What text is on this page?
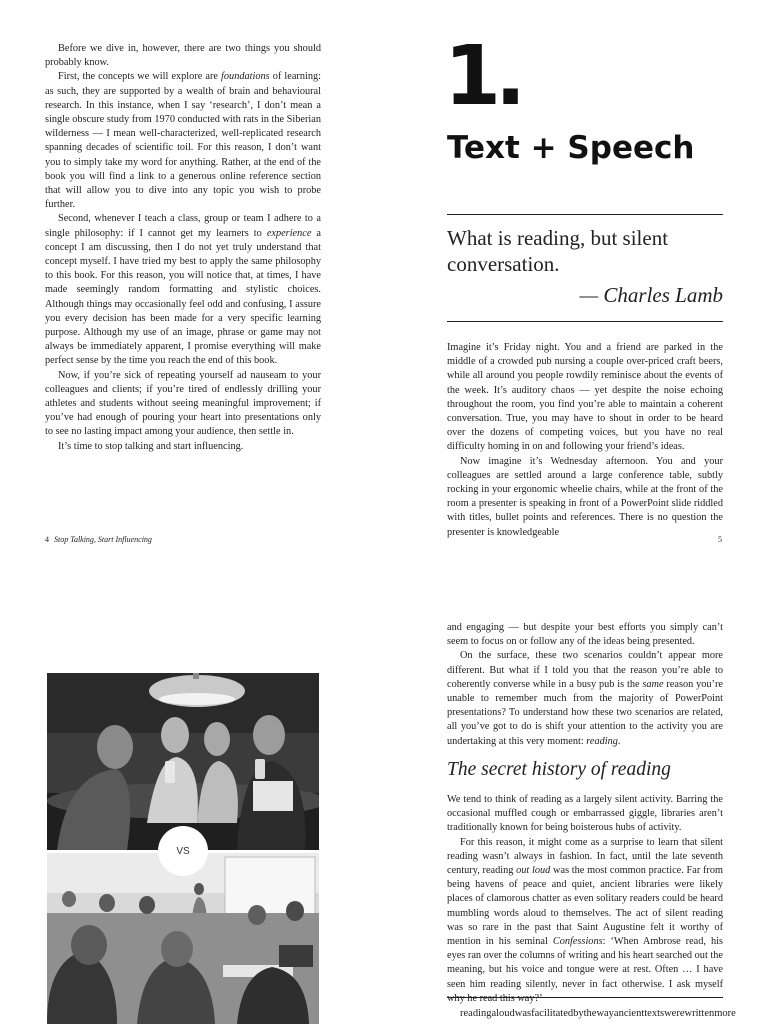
Before we dive in, however, there are two things you should probably know.

First, the concepts we will explore are foundations of learning: as such, they are supported by a wealth of brain and behavioural research. In this instance, when I say ‘research’, I don’t mean a single obscure study from 1970 conducted with rats in the Siberian wilderness — I mean well-characterized, well-replicated research spanning decades of scientific toil. For this reason, I don’t want you to simply take my word for anything. Rather, at the end of the book you will find a link to a generous online reference section that will allow you to dive into any topic you wish to probe further.

Second, whenever I teach a class, group or team I adhere to a single philosophy: if I cannot get my learners to experience a concept I am discussing, then I do not yet truly understand that concept myself. I have tried my best to apply the same philosophy to this book. For this reason, you will notice that, at times, I have made seemingly random formatting and stylistic choices. Although things may occasionally feel odd and confusing, I assure you every decision has been made for a very specific learning purpose. Although my use of an image, phrase or game may not always be immediately apparent, I promise everything will make perfect sense by the time you reach the end of this book.

Now, if you’re sick of repeating yourself ad nauseam to your colleagues and clients; if you’re tired of endlessly drilling your athletes and students without seeing meaningful improvement; if you’ve had enough of pouring your heart into presentations only to see no lasting impact among your audience, then settle in.

It’s time to stop talking and start influencing.

4 Stop Talking, Start Influencing
1.
Text + Speech
What is reading, but silent conversation.
— Charles Lamb

Imagine it’s Friday night. You and a friend are parked in the middle of a crowded pub nursing a couple over-priced craft beers, while all around you people rowdily reminisce about the events of the week. It’s auditory chaos — yet despite the noise echoing throughout the room, you find you’re able to maintain a coherent conversation. True, you may have to shout in order to be heard over the dozens of competing voices, but you have no real difficulty homing in on and following your friend’s ideas.

Now imagine it’s Wednesday afternoon. You and your colleagues are settled around a large conference table, subtly rocking in your ergonomic wheelie chairs, while at the front of the room a presenter is speaking in front of a PowerPoint slide riddled with titles, bullet points and references. There is no question the presenter is knowledgeable

5
VS

and engaging — but despite your best efforts you simply can’t seem to focus on or follow any of the ideas being presented.

On the surface, these two scenarios couldn’t appear more different. But what if I told you that the reason you’re able to coherently converse while in a busy pub is the same reason you’re unable to remember much from the majority of PowerPoint presentations? To understand how these two scenarios are related, all you’ve got to do is shift your attention to the activity you are undertaking at this very moment: reading.

The secret history of reading

We tend to think of reading as a largely silent activity. Barring the occasional muffled cough or embarrassed giggle, libraries aren’t traditionally known for being boisterous hubs of activity.

For this reason, it might come as a surprise to learn that silent reading wasn’t always in fashion. In fact, until the late seventh century, reading out loud was the most common practice. Far from being havens of peace and quiet, ancient libraries were likely places of clamorous chatter as even solitary readers could be heard mumbling words aloud to themselves. The act of silent reading was so rare in the past that Saint Augustine felt it worthy of mention in his seminal Confessions: ‘When Ambrose read, his eyes ran over the columns of writing and his heart searched out the meaning, but his voice and tongue were at rest. Often … I have seen him reading silently, never in fact otherwise. I ask myself why he read this way?’

readingaloudwasfacilitatedbythewayancienttextswerewrittenmore
